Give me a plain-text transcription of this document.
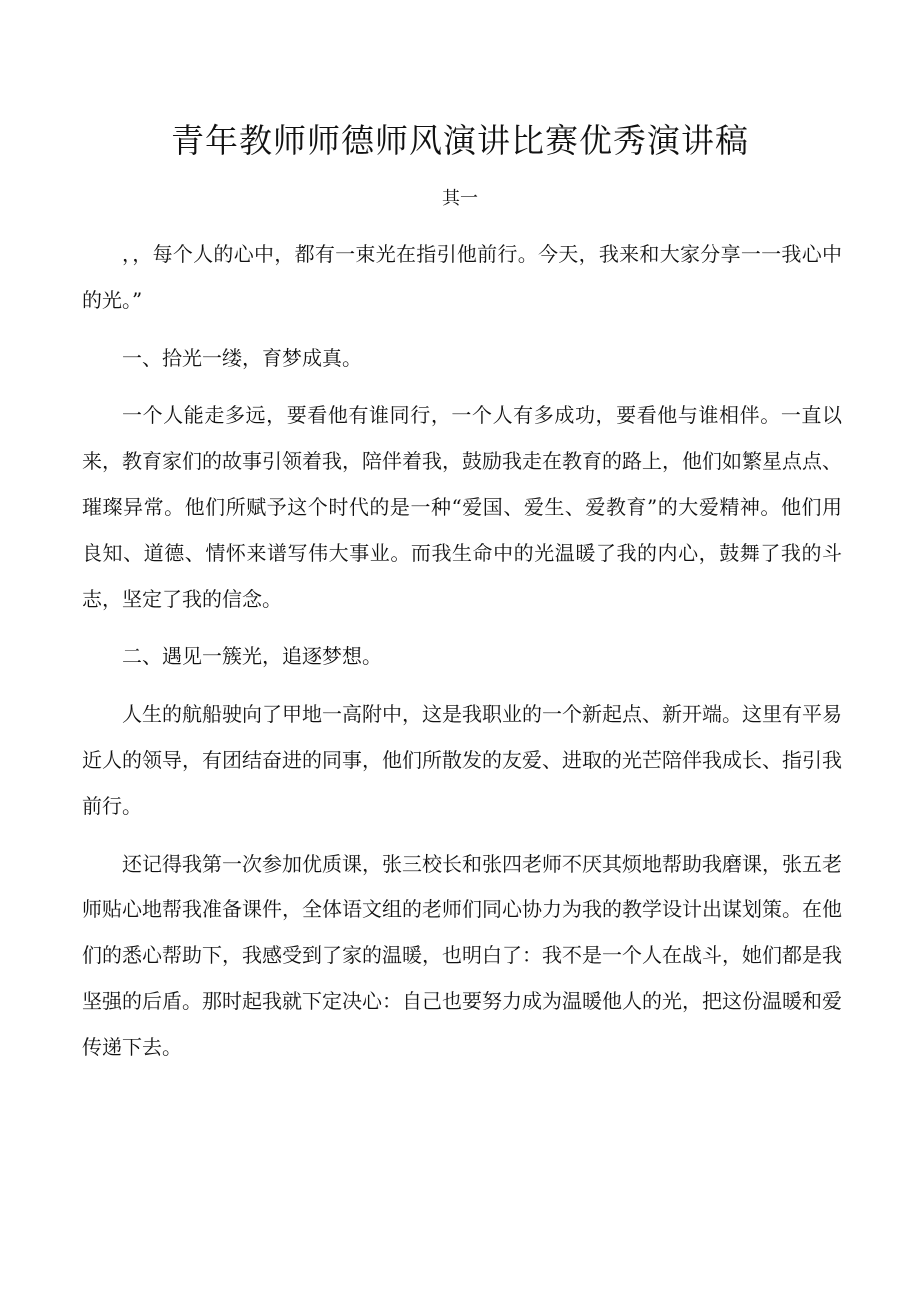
青年教师师德师风演讲比赛优秀演讲稿
其一

，，每个人的心中，都有一束光在指引他前行。今天，我来和大家分享一一我心中的光。”

一、拾光一缕，育梦成真。

一个人能走多远，要看他有谁同行，一个人有多成功，要看他与谁相伴。一直以来，教育家们的故事引领着我，陪伴着我，鼓励我走在教育的路上，他们如繁星点点、璀璨异常。他们所赋予这个时代的是一种“爱国、爱生、爱教育”的大爱精神。他们用良知、道德、情怀来谱写伟大事业。而我生命中的光温暖了我的内心，鼓舞了我的斗志，坚定了我的信念。

二、遇见一簇光，追逐梦想。

人生的航船驶向了甲地一高附中，这是我职业的一个新起点、新开端。这里有平易近人的领导，有团结奋进的同事，他们所散发的友爱、进取的光芒陪伴我成长、指引我前行。

还记得我第一次参加优质课，张三校长和张四老师不厌其烦地帮助我磨课，张五老师贴心地帮我准备课件，全体语文组的老师们同心协力为我的教学设计出谋划策。在他们的悉心帮助下，我感受到了家的温暖，也明白了：我不是一个人在战斗，她们都是我坚强的后盾。那时起我就下定决心：自己也要努力成为温暖他人的光，把这份温暖和爱传递下去。
